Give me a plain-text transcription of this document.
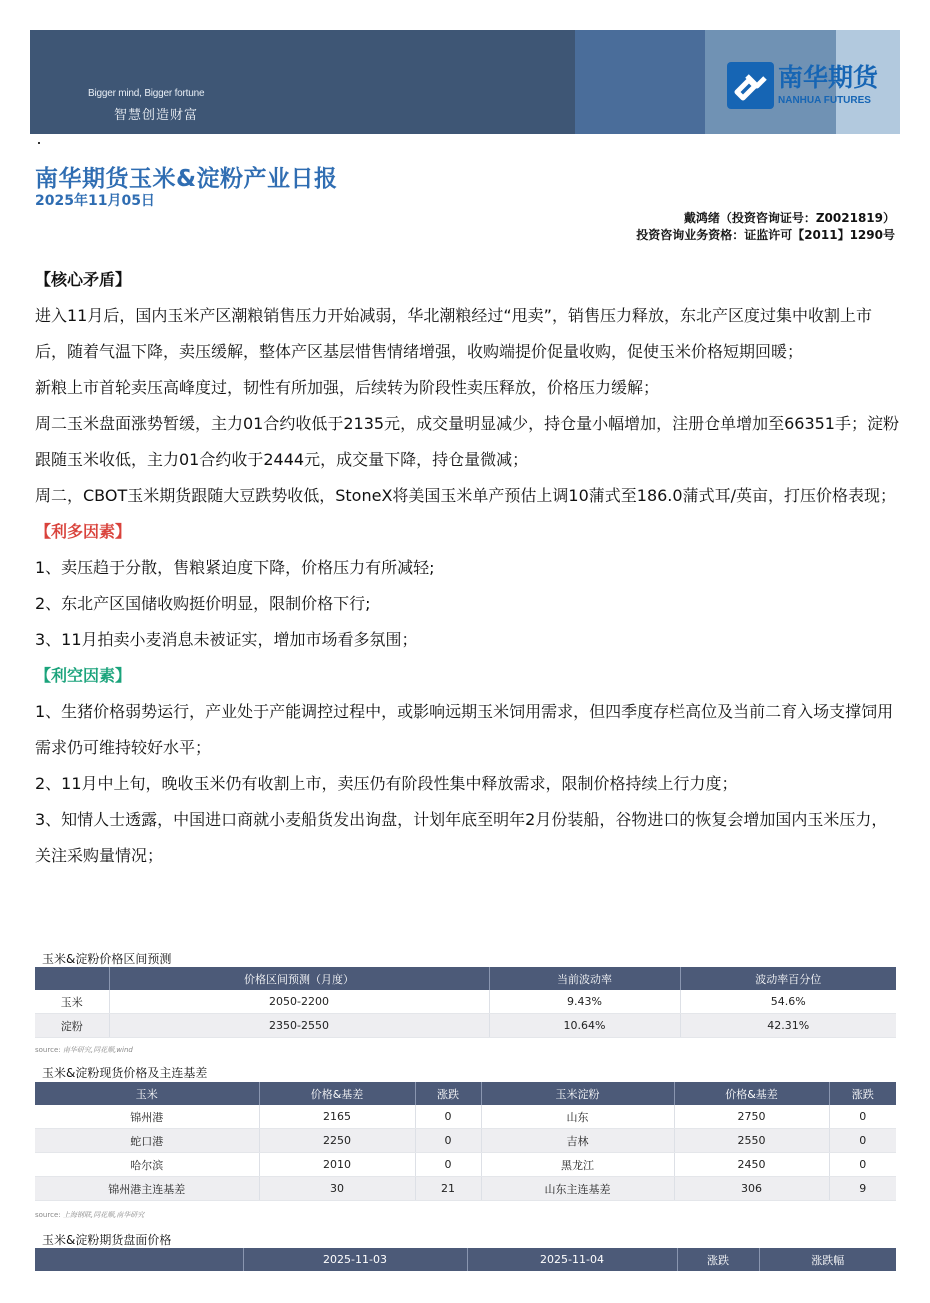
Bigger mind, Bigger fortune
智慧创造财富
南华期货
NANHUA FUTURES
南华期货玉米&淀粉产业日报
2025年11月05日
戴鸿绪（投资咨询证号：Z0021819）
投资咨询业务资格：证监许可【2011】1290号

【核心矛盾】

进入11月后，国内玉米产区潮粮销售压力开始减弱，华北潮粮经过“甩卖”，销售压力释放，东北产区度过集中收割上市后，随着气温下降，卖压缓解，整体产区基层惜售情绪增强，收购端提价促量收购，促使玉米价格短期回暖；

新粮上市首轮卖压高峰度过，韧性有所加强，后续转为阶段性卖压释放，价格压力缓解；

周二玉米盘面涨势暂缓，主力01合约收低于2135元，成交量明显减少，持仓量小幅增加，注册仓单增加至66351手；淀粉跟随玉米收低，主力01合约收于2444元，成交量下降，持仓量微减；

周二，CBOT玉米期货跟随大豆跌势收低，StoneX将美国玉米单产预估上调10蒲式至186.0蒲式耳/英亩，打压价格表现；

【利多因素】

1、卖压趋于分散，售粮紧迫度下降，价格压力有所减轻;

2、东北产区国储收购挺价明显，限制价格下行;

3、11月拍卖小麦消息未被证实，增加市场看多氛围；

【利空因素】

1、生猪价格弱势运行，产业处于产能调控过程中，或影响远期玉米饲用需求，但四季度存栏高位及当前二育入场支撑饲用需求仍可维持较好水平；

2、11月中上旬，晚收玉米仍有收割上市，卖压仍有阶段性集中释放需求，限制价格持续上行力度；

3、知情人士透露，中国进口商就小麦船货发出询盘，计划年底至明年2月份装船，谷物进口的恢复会增加国内玉米压力，关注采购量情况；

玉米&淀粉价格区间预测
	价格区间预测（月度）	当前波动率	波动率百分位
玉米	2050-2200	9.43%	54.6%
淀粉	2350-2550	10.64%	42.31%
source: 南华研究,同花顺,wind
玉米&淀粉现货价格及主连基差
玉米	价格&基差	涨跌	玉米淀粉	价格&基差	涨跌
锦州港	2165	0	山东	2750	0
蛇口港	2250	0	吉林	2550	0
哈尔滨	2010	0	黑龙江	2450	0
锦州港主连基差	30	21	山东主连基差	306	9
source: 上海钢联,同花顺,南华研究
玉米&淀粉期货盘面价格
	2025-11-03	2025-11-04	涨跌	涨跌幅
